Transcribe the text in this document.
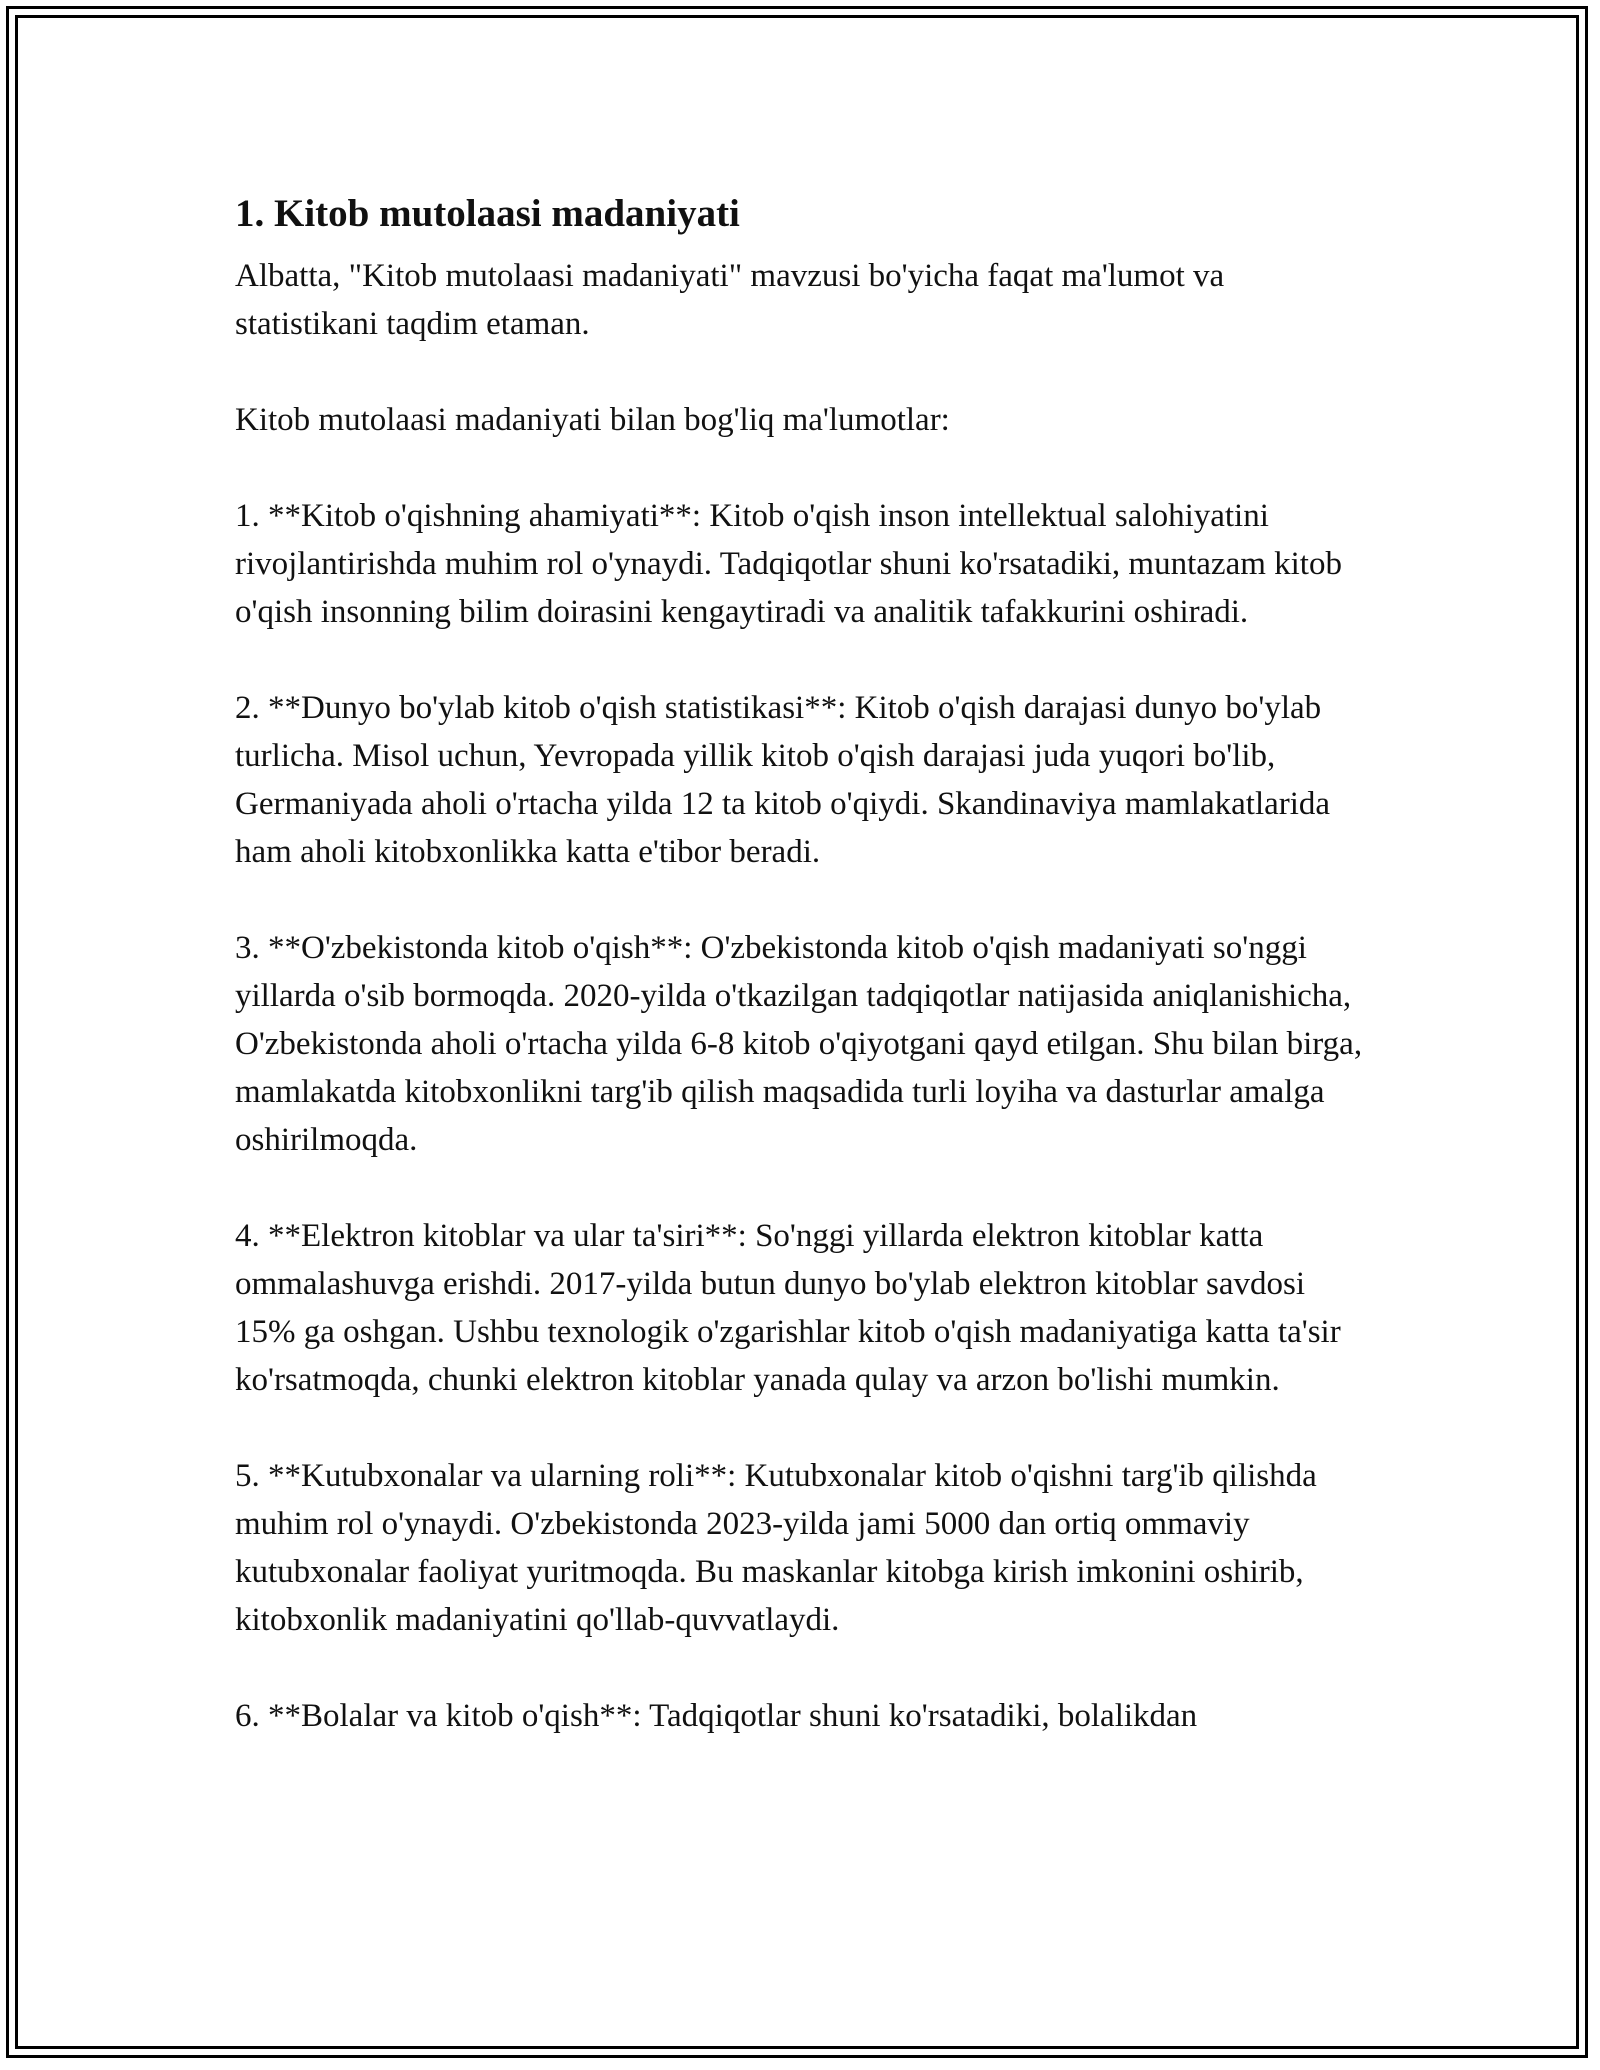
1. Kitob mutolaasi madaniyati

Albatta, "Kitob mutolaasi madaniyati" mavzusi bo'yicha faqat ma'lumot va statistikani taqdim etaman.

Kitob mutolaasi madaniyati bilan bog'liq ma'lumotlar:

1. **Kitob o'qishning ahamiyati**: Kitob o'qish inson intellektual salohiyatini rivojlantirishda muhim rol o'ynaydi. Tadqiqotlar shuni ko'rsatadiki, muntazam kitob o'qish insonning bilim doirasini kengaytiradi va analitik tafakkurini oshiradi.

2. **Dunyo bo'ylab kitob o'qish statistikasi**: Kitob o'qish darajasi dunyo bo'ylab turlicha. Misol uchun, Yevropada yillik kitob o'qish darajasi juda yuqori bo'lib, Germaniyada aholi o'rtacha yilda 12 ta kitob o'qiydi. Skandinaviya mamlakatlarida ham aholi kitobxonlikka katta e'tibor beradi.

3. **O'zbekistonda kitob o'qish**: O'zbekistonda kitob o'qish madaniyati so'nggi yillarda o'sib bormoqda. 2020-yilda o'tkazilgan tadqiqotlar natijasida aniqlanishicha, O'zbekistonda aholi o'rtacha yilda 6-8 kitob o'qiyotgani qayd etilgan. Shu bilan birga, mamlakatda kitobxonlikni targ'ib qilish maqsadida turli loyiha va dasturlar amalga oshirilmoqda.

4. **Elektron kitoblar va ular ta'siri**: So'nggi yillarda elektron kitoblar katta ommalashuvga erishdi. 2017-yilda butun dunyo bo'ylab elektron kitoblar savdosi 15% ga oshgan. Ushbu texnologik o'zgarishlar kitob o'qish madaniyatiga katta ta'sir ko'rsatmoqda, chunki elektron kitoblar yanada qulay va arzon bo'lishi mumkin.

5. **Kutubxonalar va ularning roli**: Kutubxonalar kitob o'qishni targ'ib qilishda muhim rol o'ynaydi. O'zbekistonda 2023-yilda jami 5000 dan ortiq ommaviy kutubxonalar faoliyat yuritmoqda. Bu maskanlar kitobga kirish imkonini oshirib, kitobxonlik madaniyatini qo'llab-quvvatlaydi.

6. **Bolalar va kitob o'qish**: Tadqiqotlar shuni ko'rsatadiki, bolalikdan
